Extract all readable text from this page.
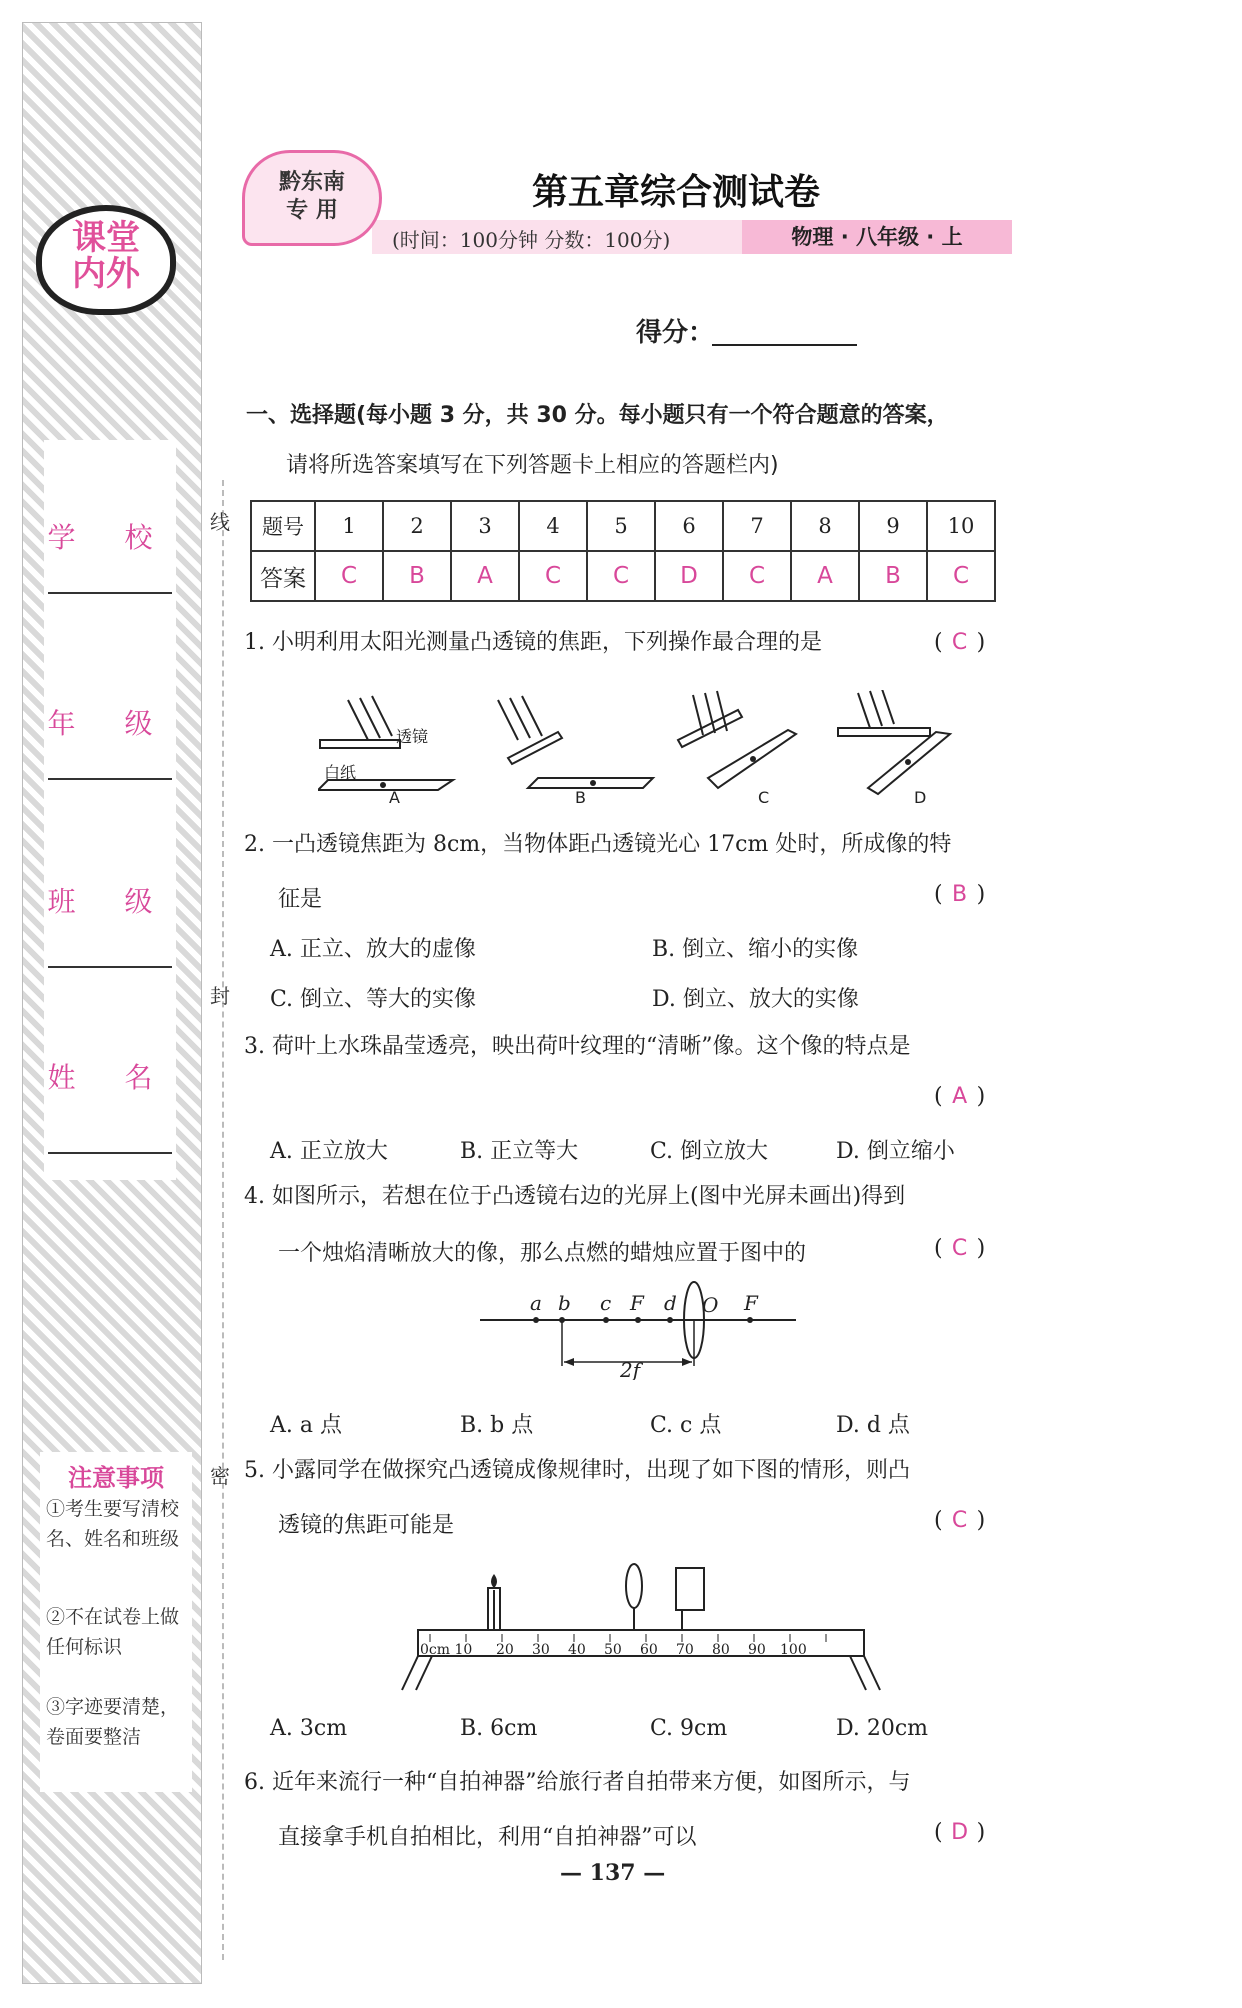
课堂
内外
学 校
年 级
班 级
姓 名
注意事项
①考生要写清校名、姓名和班级
②不在试卷上做任何标识
③字迹要清楚，卷面要整洁
线
封
密
黔东南
专 用	第五章综合测试卷
(时间：100分钟 分数：100分)	物理 · 八年级 · 上
得分：
一、选择题(每小题 3 分，共 30 分。每小题只有一个符合题意的答案，
请将所选答案填写在下列答题卡上相应的答题栏内)
题号	1	2	3	4	5	6	7	8	9	10
答案	C	B	A	C	C	D	C	A	B	C
1. 小明利用太阳光测量凸透镜的焦距，下列操作最合理的是	( C )
透镜
白纸
A	B	C	D
2. 一凸透镜焦距为 8cm，当物体距凸透镜光心 17cm 处时，所成像的特
征是	( B )
A. 正立、放大的虚像	B. 倒立、缩小的实像
C. 倒立、等大的实像	D. 倒立、放大的实像
3. 荷叶上水珠晶莹透亮，映出荷叶纹理的“清晰”像。这个像的特点是
( A )
A. 正立放大	B. 正立等大	C. 倒立放大	D. 倒立缩小
4. 如图所示，若想在位于凸透镜右边的光屏上(图中光屏未画出)得到
一个烛焰清晰放大的像，那么点燃的蜡烛应置于图中的	( C )
a b c F d O F
2f
A. a 点	B. b 点	C. c 点	D. d 点
5. 小露同学在做探究凸透镜成像规律时，出现了如下图的情形，则凸
透镜的焦距可能是	( C )
0cm 10 20 30 40 50 60 70 80 90 100
A. 3cm	B. 6cm	C. 9cm	D. 20cm
6. 近年来流行一种“自拍神器”给旅行者自拍带来方便，如图所示，与
直接拿手机自拍相比，利用“自拍神器”可以	( D )
— 137 —
